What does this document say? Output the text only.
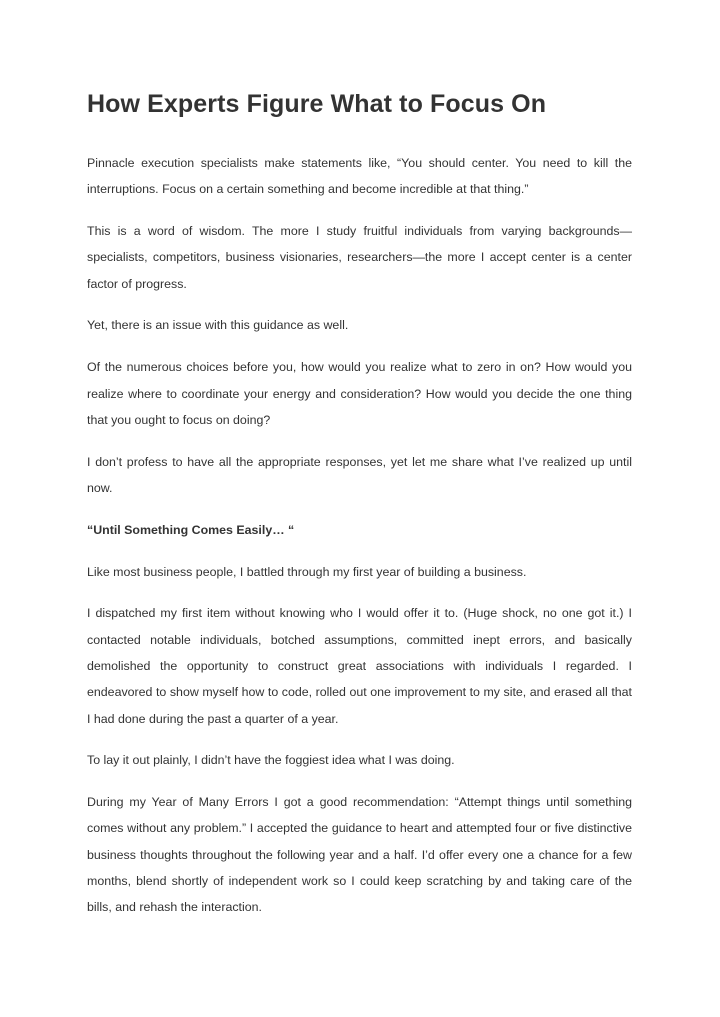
How Experts Figure What to Focus On

Pinnacle execution specialists make statements like, “You should center. You need to kill the interruptions. Focus on a certain something and become incredible at that thing.”

This is a word of wisdom. The more I study fruitful individuals from varying backgrounds—specialists, competitors, business visionaries, researchers—the more I accept center is a center factor of progress.

Yet, there is an issue with this guidance as well.

Of the numerous choices before you, how would you realize what to zero in on? How would you realize where to coordinate your energy and consideration? How would you decide the one thing that you ought to focus on doing?

I don’t profess to have all the appropriate responses, yet let me share what I’ve realized up until now.

“Until Something Comes Easily… “

Like most business people, I battled through my first year of building a business.

I dispatched my first item without knowing who I would offer it to. (Huge shock, no one got it.) I contacted notable individuals, botched assumptions, committed inept errors, and basically demolished the opportunity to construct great associations with individuals I regarded. I endeavored to show myself how to code, rolled out one improvement to my site, and erased all that I had done during the past a quarter of a year.

To lay it out plainly, I didn’t have the foggiest idea what I was doing.

During my Year of Many Errors I got a good recommendation: “Attempt things until something comes without any problem.” I accepted the guidance to heart and attempted four or five distinctive business thoughts throughout the following year and a half. I’d offer every one a chance for a few months, blend shortly of independent work so I could keep scratching by and taking care of the bills, and rehash the interaction.
